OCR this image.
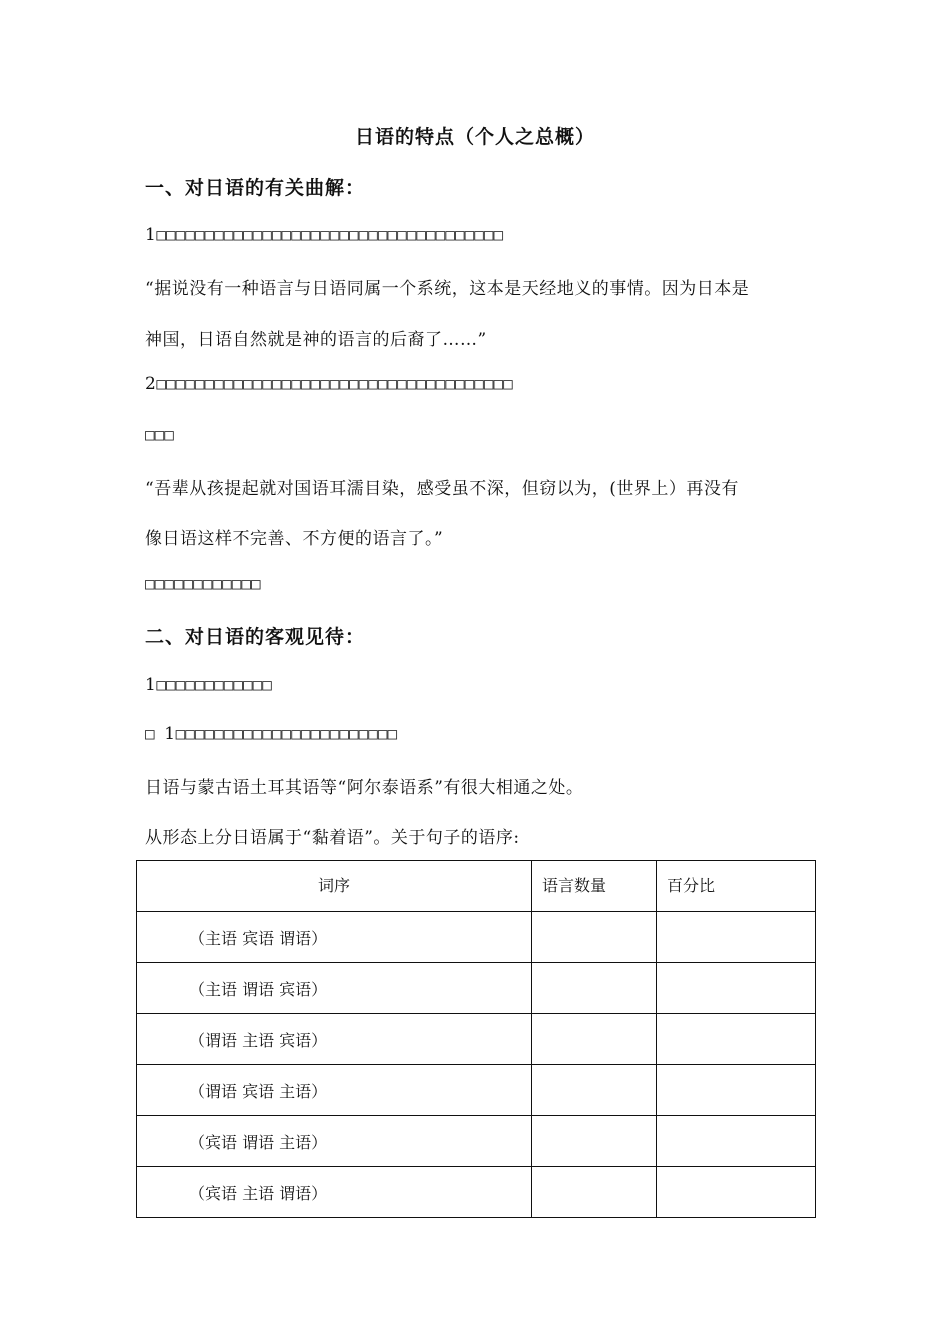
日语的特点（个人之总概）
一、对日语的有关曲解：
1□□□□□□□□□□□□□□□□□□□□□□□□□□□□□□□□□□□□
“据说没有一种语言与日语同属一个系统，这本是天经地义的事情。因为日本是
神国，日语自然就是神的语言的后裔了……”
2□□□□□□□□□□□□□□□□□□□□□□□□□□□□□□□□□□□□□
□□□
“吾辈从孩提起就对国语耳濡目染，感受虽不深，但窃以为，(世界上）再没有
像日语这样不完善、不方便的语言了。”
□□□□□□□□□□□□
二、对日语的客观见待：
1□□□□□□□□□□□□
□ 1□□□□□□□□□□□□□□□□□□□□□□□
日语与蒙古语土耳其语等“阿尔泰语系”有很大相通之处。
从形态上分日语属于“黏着语”。关于句子的语序:
词序	语言数量	百分比
（主语 宾语 谓语）		
（主语 谓语 宾语）		
（谓语 主语 宾语）		
（谓语 宾语 主语）		
（宾语 谓语 主语）		
（宾语 主语 谓语）		
